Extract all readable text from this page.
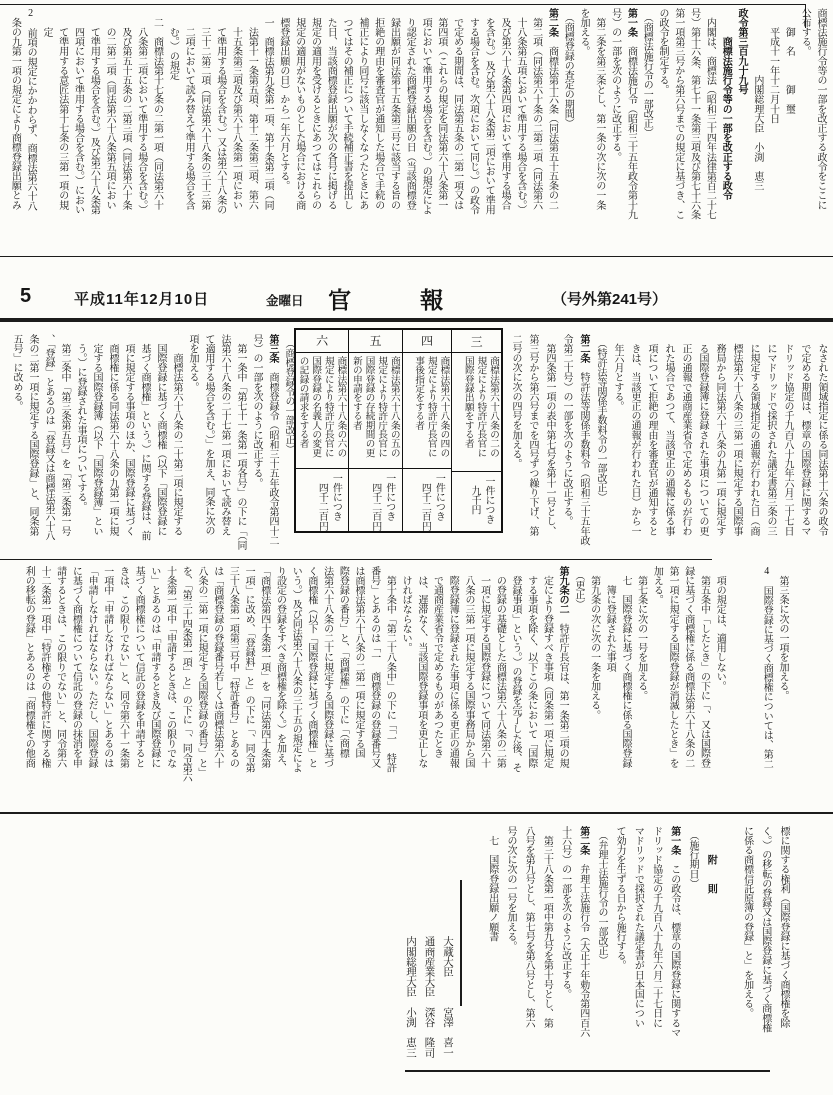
商標法施行令等の一部を改正する政令をここに

公布する。

　　御　名　　　御　璽

　　平成十一年十二月十日

　　　　　　　内閣総理大臣　小渕　恵三

政令第三百九十九号

　　　商標法施行令等の一部を改正する政令

　内閣は、商標法（昭和三十四年法律第百二十七

号）第十六条、第七十一条第三項及び第七十六条

第一項第三号から第六号までの規定に基づき、こ

の政令を制定する。

　（商標法施行令の一部改正）

第一条　商標法施行令（昭和三十五年政令第十九

号）の一部を次のように改正する。

　第二条を第三条とし、第一条の次に次の一条

を加える。

　（商標登録の査定の期間）

第二条　商標法第十六条（同法第五十五条の二

　第二項（同法第六十条の二第二項（同法第六

　十八条第五項において準用する場合を含む。）

　及び第六十八条第四項において準用する場合

　を含む。）及び第六十八条第二項において準用

　する場合を含む。次項において同じ。）の政令

　で定める期間は、同法第五条の二第一項又は

　第四項（これらの規定を同法第六十八条第一

　項において準用する場合を含む。）の規定によ

　り認定された商標登録出願の日（当該商標登

　録出願が同法第十五条第三号に該当する旨の

　拒絶の理由を審査官が通知した場合で手続の

　補正により同号に該当しなくなつたときにあ

　つてはその補正について手続補正書を提出し

　た日、当該商標登録出願が次の各号に掲げる

　規定の適用を受けるときにあつてはこれらの

　規定の適用がないものとした場合における商

　標登録出願の日）から一年六月とする。

　一　商標法第九条第一項、第十条第二項（同

　　法第十一条第五項、第十二条第三項、第六

　　十五条第三項及び第六十八条第一項におい

　　て準用する場合を含む。）又は第六十八条の

　　三十二第二項（同法第六十八条の三十三第

　　二項において読み替えて準用する場合を含

　　む。）の規定

　二　商標法第十七条の二第一項（同法第六十

　　八条第二項において準用する場合を含む。）

　　及び第五十五条の二第三項（同法第六十条

　　の二第二項（同法第六十八条第五項におい

　　て準用する場合を含む。）及び第六十八条第

　　四項において準用する場合を含む。）におい

　　て準用する意匠法第十七条の三第一項の規

　　定

2　前項の規定にかかわらず、商標法第六十八

　条の九第一項の規定により商標登録出願とみ

5	平成11年12月10日	金曜日 官　　　報	（号外第241号）

　なされた領域指定に係る同法第十六条の政令

　で定める期間は、標章の国際登録に関するマ

　ドリッド協定の千九百八十九年六月二十七日

　にマドリッドで採択された議定書第三条の三

　に規定する領域指定の通報が行われた日（商

　標法第六十八条の三第一項に規定する国際事

　務局から同法第六十八条の九第一項に規定す

　る国際登録簿に登録された事項についての更

　正の通報で通商産業省令で定めるものが行わ

　れた場合であつて、当該更正の通報に係る事

　項について拒絶の理由を審査官が通知すると

　きは、当該更正の通報が行われた日）から一

　年六月とする。

　（特許法等関係手数料令の一部改正）

第二条　特許法等関係手数料令（昭和三十五年政

令第二十号）の一部を次のように改正する。

　第四条第一項の表中第七号を第十一号とし、

第三号から第六号までを四号ずつ繰り下げ、第

二号の次に次の四号を加える。

三

商標法第六十八条の二の

規定により特許庁長官に

国際登録出願をする者

一件につき

　九千円

四

商標法第六十八条の四の

規定により特許庁長官に

事後指定をする者

一件につき

　四千二百円

五

商標法第六十八条の五の

規定により特許庁長官に

国際登録の存続期間の更

新の申請をする者

一件につき

　四千二百円

六

商標法第六十八条の六の

規定により特許庁長官に

国際登録の名義人の変更

の記録の請求をする者

一件につき

　四千二百円

　（商標登録令の一部改正）

第三条　商標登録令（昭和三十五年政令第四十二

号）の一部を次のように改正する。

　第一条中「第七十一条第一項各号」の下に「（同

法第六十八条の二十七第一項において読み替え

て適用する場合を含む。）」を加え、同条に次の

項を加える。

　　商標法第六十八条の二十第二項に規定する

　国際登録に基づく商標権（以下「国際登録に

　基づく商標権」という。）に関する登録は、前

　項に規定する事項のほか、国際登録に基づく

　商標権に係る同法第六十八条の九第一項に規

　定する国際登録簿（以下「国際登録簿」とい

　う。）に登録された事項についてする。

　第二条中「第三条第五号」を「第三条第一号

、「登録」とあるのは「登録又は商標法第六十八

条の二第一項に規定する国際登録」と、同条第

五号」に改める。

　第三条に次の一項を加える。

4　国際登録に基づく商標権については、第二

　項の規定は、適用しない。

　第五条中「したとき」の下に「、又は国際登

録に基づく商標権に係る商標法第六十八条の二

第一項に規定する国際登録が消滅したとき」を

加える。

　第七条に次の一号を加える。

　七　国際登録に基づく商標権に係る国際登録

　　簿に登録された事項

　第九条の次に次の一条を加える。

　（更正）

第九条の二　特許庁長官は、第一条第二項の規

　定により登録すべき事項（同条第一項に規定

　する事項を除く、以下この条において「国際

　登録事項」という。）の登録を完了した後、そ

　の登録の基礎とした商標法第六十八条の二第

　一項に規定する国際登録について同法第六十

　八条の三第一項に規定する国際事務局から国

　際登録簿に登録された事項に係る更正の通報

　で通商産業省令で定めるものがあつたとき

　は、遅滞なく、当該国際登録事項を更正しな

　ければならない。

　第十条中「第二十八条中」の下に「「一　特許

番号」とあるのは「一　商標登録の登録番号又

は商標法第六十八条の二第一項に規定する国

際登録の番号」と、「商標権」の下に「（商標

法第六十八条の二十に規定する国際登録に基づ

く商標権（以下「国際登録に基づく商標権」と

いう。）及び同法第六十八条の三十五の規定によ

り設定の登録をすべき商標権を除く。）を加え、

「商標法第四十条第一項」を「同法第四十条第

一項」に改め、「登録料」と」の下に「、同令第

三十八条第一項第三号中「特許番号」とあるの

は「商標登録の登録番号若しくは商標法第六十

八条の二第一項に規定する国際登録の番号」と」

を、「第三十四条第一項」と」の下に「、同令第六

十条第一項中「申請するときは、この限りでな

い」とあるのは「申請するとき及び国際登録に

基づく商標権について信託の登録を申請すると

きは、この限りでない」と、同令第六十一条第

一項中「申請しなければならない」とあるのは

「申請しなければならない。ただし、国際登録

に基づく商標権について信託の登録の抹消を申

請するときは、この限りでない」と、同令第六

十二条第一項中「特許権その他特許に関する権

利の移転の登録」とあるのは「商標権その他商

標に関する権利（国際登録に基づく商標権を除

く。）の移転の登録又は国際登録に基づく商標権

に係る商標信託原簿の登録」と」を加える。

　　　附　　則

　（施行期日）

第一条　この政令は、標章の国際登録に関するマ

ドリッド協定の千九百八十九年六月二十七日に

マドリッドで採択された議定書が日本国につい

て効力を生ずる日から施行する。

　（弁理士法施行令の一部改正）

第二条　弁理士法施行令（大正十年勅令第四百六

十六号）の一部を次のように改正する。

　第三十八条第一項中第九号を第十号とし、第

八号を第九号とし、第七号を第八号とし、第六

号の次に次の一号を加える。

　七　国際登録出願ノ願書

大蔵大臣　　　宮澤　喜一

通商産業大臣　深谷　隆司

内閣総理大臣　小渕　恵三
